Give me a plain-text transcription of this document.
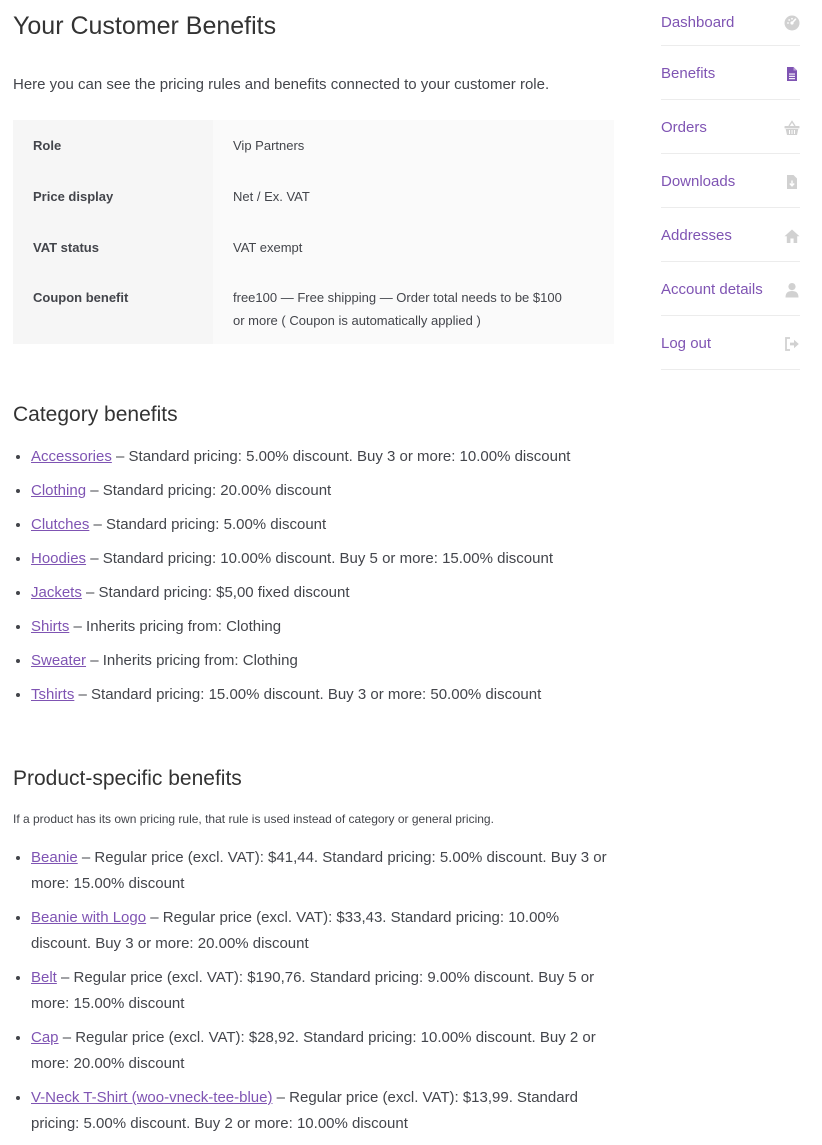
Your Customer Benefits

Here you can see the pricing rules and benefits connected to your customer role.

Role	Vip Partners

Price display	Net / Ex. VAT

VAT status	VAT exempt

Coupon benefit	free100 — Free shipping — Order total needs to be $100
or more ( Coupon is automatically applied )
Category benefits
• Accessories – Standard pricing: 5.00% discount. Buy 3 or more: 10.00% discount
• Clothing – Standard pricing: 20.00% discount
• Clutches – Standard pricing: 5.00% discount
• Hoodies – Standard pricing: 10.00% discount. Buy 5 or more: 15.00% discount
• Jackets – Standard pricing: $5,00 fixed discount
• Shirts – Inherits pricing from: Clothing
• Sweater – Inherits pricing from: Clothing
• Tshirts – Standard pricing: 15.00% discount. Buy 3 or more: 50.00% discount
Product-specific benefits

If a product has its own pricing rule, that rule is used instead of category or general pricing.

• Beanie – Regular price (excl. VAT): $41,44. Standard pricing: 5.00% discount. Buy 3 or more: 15.00% discount
• Beanie with Logo – Regular price (excl. VAT): $33,43. Standard pricing: 10.00% discount. Buy 3 or more: 20.00% discount
• Belt – Regular price (excl. VAT): $190,76. Standard pricing: 9.00% discount. Buy 5 or more: 15.00% discount
• Cap – Regular price (excl. VAT): $28,92. Standard pricing: 10.00% discount. Buy 2 or more: 20.00% discount
• V-Neck T-Shirt (woo-vneck-tee-blue) – Regular price (excl. VAT): $13,99. Standard pricing: 5.00% discount. Buy 2 or more: 10.00% discount
Dashboard
Benefits
Orders
Downloads
Addresses
Account details
Log out
